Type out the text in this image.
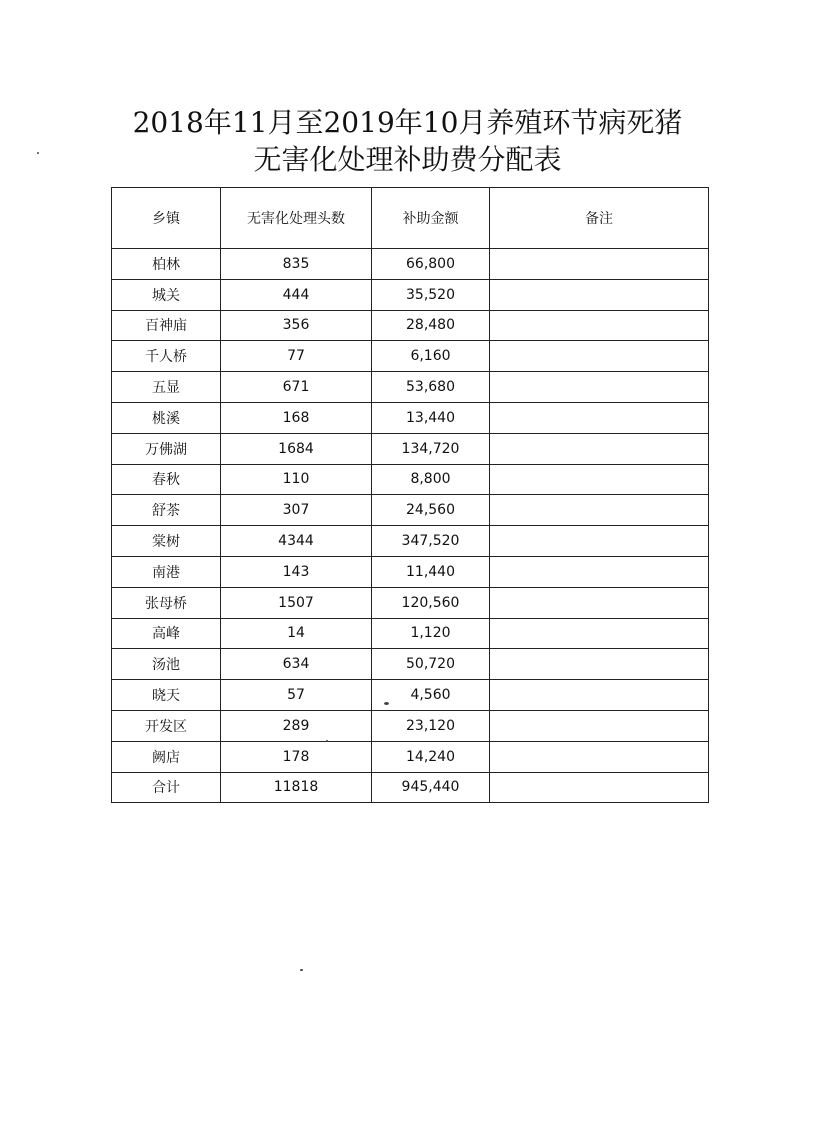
2018年11月至2019年10月养殖环节病死猪
无害化处理补助费分配表
乡镇	无害化处理头数	补助金额	备注
柏林	835	66,800	
城关	444	35,520	
百神庙	356	28,480	
千人桥	77	6,160	
五显	671	53,680	
桃溪	168	13,440	
万佛湖	1684	134,720	
春秋	110	8,800	
舒茶	307	24,560	
棠树	4344	347,520	
南港	143	11,440	
张母桥	1507	120,560	
高峰	14	1,120	
汤池	634	50,720	
晓天	57	4,560	
开发区	289	23,120	
阙店	178	14,240	
合计	11818	945,440	
